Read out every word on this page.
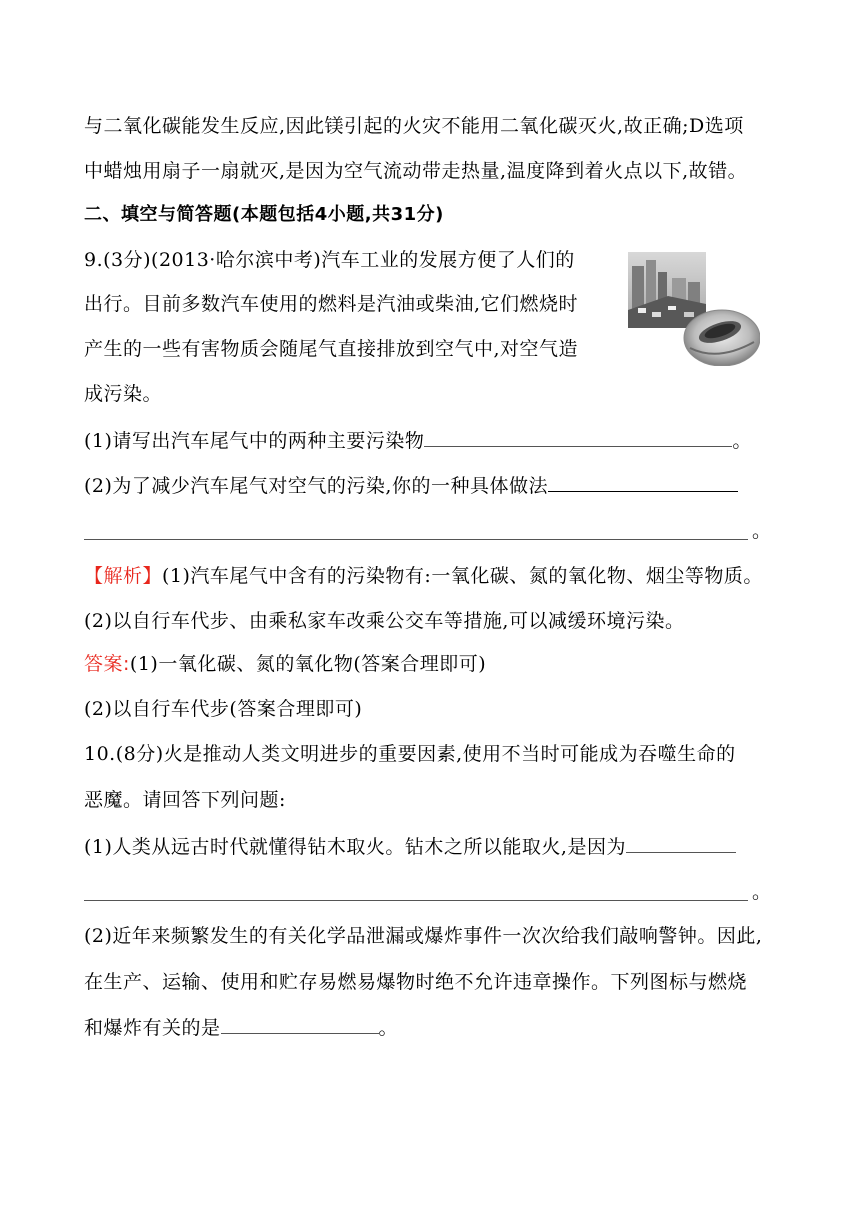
与二氧化碳能发生反应,因此镁引起的火灾不能用二氧化碳灭火,故正确;D选项
中蜡烛用扇子一扇就灭,是因为空气流动带走热量,温度降到着火点以下,故错。
二、填空与简答题(本题包括4小题,共31分)
9.(3分)(2013·哈尔滨中考)汽车工业的发展方便了人们的
出行。目前多数汽车使用的燃料是汽油或柴油,它们燃烧时
产生的一些有害物质会随尾气直接排放到空气中,对空气造
成污染。
(1)请写出汽车尾气中的两种主要污染物	。
(2)为了减少汽车尾气对空气的污染,你的一种具体做法
。
【解析】(1)汽车尾气中含有的污染物有:一氧化碳、氮的氧化物、烟尘等物质。
(2)以自行车代步、由乘私家车改乘公交车等措施,可以减缓环境污染。
答案:(1)一氧化碳、氮的氧化物(答案合理即可)
(2)以自行车代步(答案合理即可)
10.(8分)火是推动人类文明进步的重要因素,使用不当时可能成为吞噬生命的
恶魔。请回答下列问题:
(1)人类从远古时代就懂得钻木取火。钻木之所以能取火,是因为
。
(2)近年来频繁发生的有关化学品泄漏或爆炸事件一次次给我们敲响警钟。因此,
在生产、运输、使用和贮存易燃易爆物时绝不允许违章操作。下列图标与燃烧
和爆炸有关的是	。
